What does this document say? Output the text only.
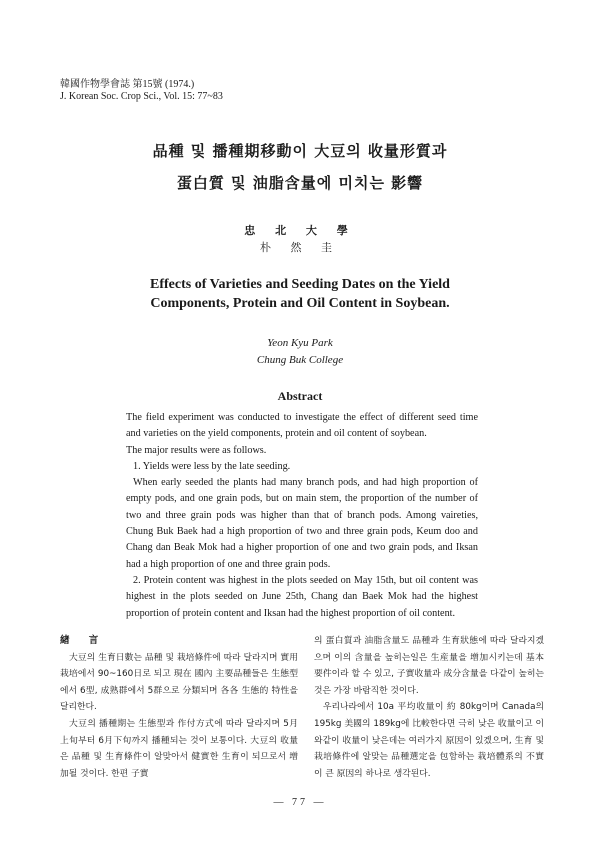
韓國作物學會誌 第15號 (1974.)
J. Korean Soc. Crop Sci., Vol. 15: 77~83
品種 및 播種期移動이 大豆의 收量形質과
蛋白質 및 油脂含量에 미치는 影響
忠 北 大 學
朴 然 圭
Effects of Varieties and Seeding Dates on the Yield
Components, Protein and Oil Content in Soybean.
Yeon Kyu Park
Chung Buk College
Abstract

The field experiment was conducted to investigate the effect of different seed time and varieties on the yield components, protein and oil content of soybean.

The major results were as follows.

1. Yields were less by the late seeding.

When early seeded the plants had many branch pods, and had high proportion of empty pods, and one grain pods, but on main stem, the proportion of the number of two and three grain pods was higher than that of branch pods. Among vaireties, Chung Buk Baek had a high proportion of two and three grain pods, Keum doo and Chang dan Beak Mok had a higher proportion of one and two grain pods, and Iksan had a high proportion of one and three grain pods.

2. Protein content was highest in the plots seeded on May 15th, but oil content was highest in the plots seeded on June 25th, Chang dan Baek Mok had the highest proportion of protein content and Iksan had the highest proportion of oil content.

緖 言

大豆의 生育日數는 品種 및 栽培條件에 따라 달라지며 實用栽培에서 90~160日로 되고 現在 國內 主要品種들은 生態型에서 6型, 成熟群에서 5群으로 分類되며 各各 生態的 特性을 달리한다.

大豆의 播種期는 生態型과 作付方式에 따라 달라지며 5月 上旬부터 6月下旬까지 播種되는 것이 보통이다. 大豆의 收量은 品種 및 生育條件이 알맞아서 健實한 生育이 되므로서 增加될 것이다. 한편 子實

의 蛋白質과 油脂含量도 品種과 生育狀態에 따라 달라지겠으며 이의 含量을 높히는일은 生産量을 增加시키는데 基本要件이라 할 수 있고, 子實收量과 成分含量을 다같이 높히는 것은 가장 바람직한 것이다.

우리나라에서 10a 平均收量이 約 80kg이며 Canada의 195kg 美國의 189kg에 比較한다면 극히 낮은 收量이고 이와같이 收量이 낮은데는 여러가지 原因이 있겠으며, 生育 및 栽培條件에 알맞는 品種選定을 包함하는 栽培體系의 不實이 큰 原因의 하나로 생각된다.

— 77 —
